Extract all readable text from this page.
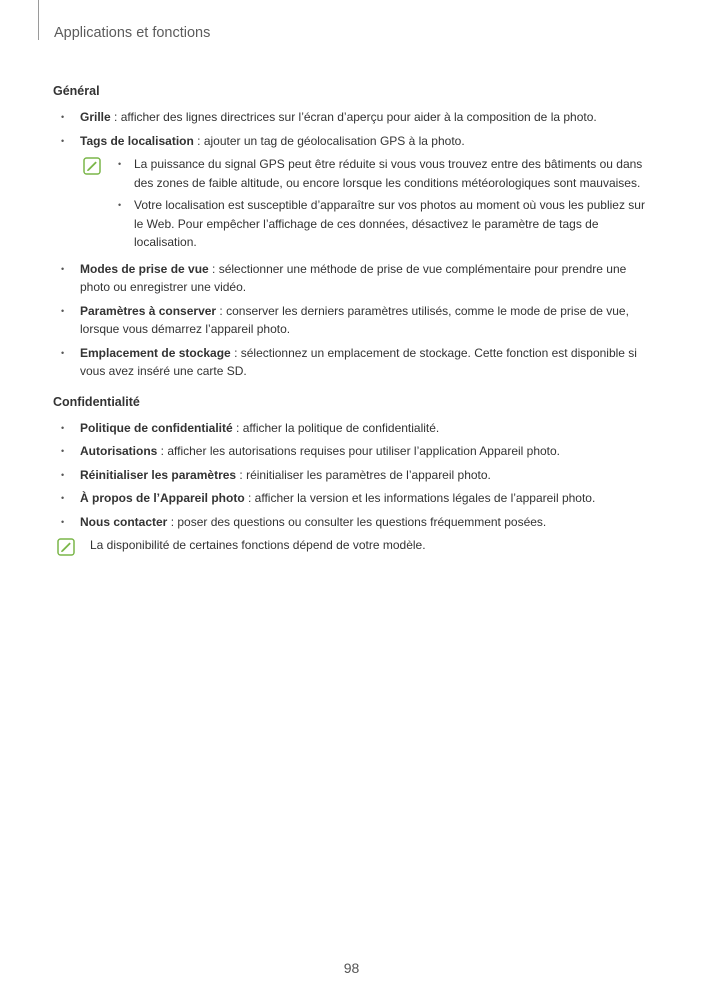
Applications et fonctions
Général
• Grille : afficher des lignes directrices sur l’écran d’aperçu pour aider à la composition de la photo.
• Tags de localisation : ajouter un tag de géolocalisation GPS à la photo.
• La puissance du signal GPS peut être réduite si vous vous trouvez entre des bâtiments ou dans des zones de faible altitude, ou encore lorsque les conditions météorologiques sont mauvaises.
• Votre localisation est susceptible d’apparaître sur vos photos au moment où vous les publiez sur le Web. Pour empêcher l’affichage de ces données, désactivez le paramètre de tags de localisation.
• Modes de prise de vue : sélectionner une méthode de prise de vue complémentaire pour prendre une photo ou enregistrer une vidéo.
• Paramètres à conserver : conserver les derniers paramètres utilisés, comme le mode de prise de vue, lorsque vous démarrez l’appareil photo.
• Emplacement de stockage : sélectionnez un emplacement de stockage. Cette fonction est disponible si vous avez inséré une carte SD.
Confidentialité
• Politique de confidentialité : afficher la politique de confidentialité.
• Autorisations : afficher les autorisations requises pour utiliser l’application Appareil photo.
• Réinitialiser les paramètres : réinitialiser les paramètres de l’appareil photo.
• À propos de l’Appareil photo : afficher la version et les informations légales de l’appareil photo.
• Nous contacter : poser des questions ou consulter les questions fréquemment posées.
La disponibilité de certaines fonctions dépend de votre modèle.
98
